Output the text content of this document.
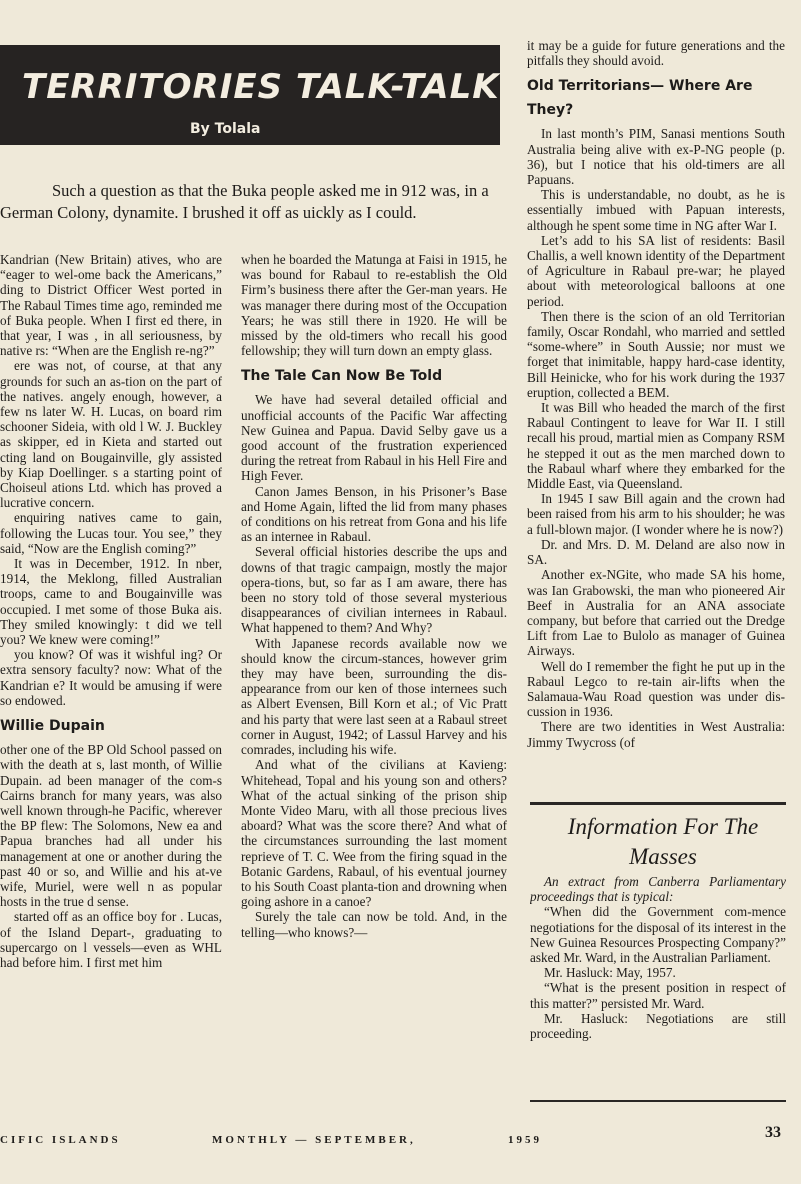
TERRITORIES TALK-TALK
By Tolala

Such a question as that the Buka people asked me in 912 was, in a German Colony, dynamite. I brushed it off as uickly as I could.

Kandrian (New Britain) atives, who are “eager to wel-ome back the Americans,” ding to District Officer West ported in The Rabaul Times time ago, reminded me of Buka people. When I first ed there, in that year, I was , in all seriousness, by native rs: “When are the English re-ng?”

ere was not, of course, at that any grounds for such an as-tion on the part of the natives. angely enough, however, a few ns later W. H. Lucas, on board rim schooner Sideia, with old l W. J. Buckley as skipper, ed in Kieta and started out cting land on Bougainville, gly assisted by Kiap Doellinger. s a starting point of Choiseul ations Ltd. which has proved a lucrative concern.

enquiring natives came to gain, following the Lucas tour. You see,” they said, “Now are the English coming?”

It was in December, 1912. In nber, 1914, the Meklong, filled Australian troops, came to and Bougainville was occupied. I met some of those Buka ais. They smiled knowingly: t did we tell you? We knew were coming!”

you know? Of was it wishful ing? Or extra sensory faculty? now: What of the Kandrian e? It would be amusing if were so endowed.

Willie Dupain

other one of the BP Old School passed on with the death at s, last month, of Willie Dupain. ad been manager of the com-s Cairns branch for many years, was also well known through-he Pacific, wherever the BP flew: The Solomons, New ea and Papua branches had all under his management at one or another during the past 40 or so, and Willie and his at-ve wife, Muriel, were well n as popular hosts in the true d sense.

started off as an office boy for . Lucas, of the Island Depart-, graduating to supercargo on l vessels—even as WHL had before him. I first met him

when he boarded the Matunga at Faisi in 1915, he was bound for Rabaul to re-establish the Old Firm’s business there after the Ger-man years. He was manager there during most of the Occupation Years; he was still there in 1920. He will be missed by the old-timers who recall his good fellowship; they will turn down an empty glass.

The Tale Can Now Be Told

We have had several detailed official and unofficial accounts of the Pacific War affecting New Guinea and Papua. David Selby gave us a good account of the frustration experienced during the retreat from Rabaul in his Hell Fire and High Fever.

Canon James Benson, in his Prisoner’s Base and Home Again, lifted the lid from many phases of conditions on his retreat from Gona and his life as an internee in Rabaul.

Several official histories describe the ups and downs of that tragic campaign, mostly the major opera-tions, but, so far as I am aware, there has been no story told of those several mysterious disappearances of civilian internees in Rabaul. What happened to them? And Why?

With Japanese records available now we should know the circum-stances, however grim they may have been, surrounding the dis-appearance from our ken of those internees such as Albert Evensen, Bill Korn et al.; of Vic Pratt and his party that were last seen at a Rabaul street corner in August, 1942; of Lassul Harvey and his comrades, including his wife.

And what of the civilians at Kavieng: Whitehead, Topal and his young son and others? What of the actual sinking of the prison ship Monte Video Maru, with all those precious lives aboard? What was the score there? And what of the circumstances surrounding the last moment reprieve of T. C. Wee from the firing squad in the Botanic Gardens, Rabaul, of his eventual journey to his South Coast planta-tion and drowning when going ashore in a canoe?

Surely the tale can now be told. And, in the telling—who knows?—

it may be a guide for future generations and the pitfalls they should avoid.

Old Territorians— Where Are They?

In last month’s PIM, Sanasi mentions South Australia being alive with ex-P-NG people (p. 36), but I notice that his old-timers are all Papuans.

This is understandable, no doubt, as he is essentially imbued with Papuan interests, although he spent some time in NG after War I.

Let’s add to his SA list of residents: Basil Challis, a well known identity of the Department of Agriculture in Rabaul pre-war; he played about with meteorological balloons at one period.

Then there is the scion of an old Territorian family, Oscar Rondahl, who married and settled “some-where” in South Aussie; nor must we forget that inimitable, happy hard-case identity, Bill Heinicke, who for his work during the 1937 eruption, collected a BEM.

It was Bill who headed the march of the first Rabaul Contingent to leave for War II. I still recall his proud, martial mien as Company RSM he stepped it out as the men marched down to the Rabaul wharf where they embarked for the Middle East, via Queensland.

In 1945 I saw Bill again and the crown had been raised from his arm to his shoulder; he was a full-blown major. (I wonder where he is now?)

Dr. and Mrs. D. M. Deland are also now in SA.

Another ex-NGite, who made SA his home, was Ian Grabowski, the man who pioneered Air Beef in Australia for an ANA associate company, but before that carried out the Dredge Lift from Lae to Bulolo as manager of Guinea Airways.

Well do I remember the fight he put up in the Rabaul Legco to re-tain air-lifts when the Salamaua-Wau Road question was under dis-cussion in 1936.

There are two identities in West Australia: Jimmy Twycross (of

Information For The Masses

An extract from Canberra Parliamentary proceedings that is typical:

“When did the Government com-mence negotiations for the disposal of its interest in the New Guinea Resources Prospecting Company?” asked Mr. Ward, in the Australian Parliament.

Mr. Hasluck: May, 1957.

“What is the present position in respect of this matter?” persisted Mr. Ward.

Mr. Hasluck: Negotiations are still proceeding.

CIFIC ISLANDS	MONTHLY — SEPTEMBER,	1959	33
